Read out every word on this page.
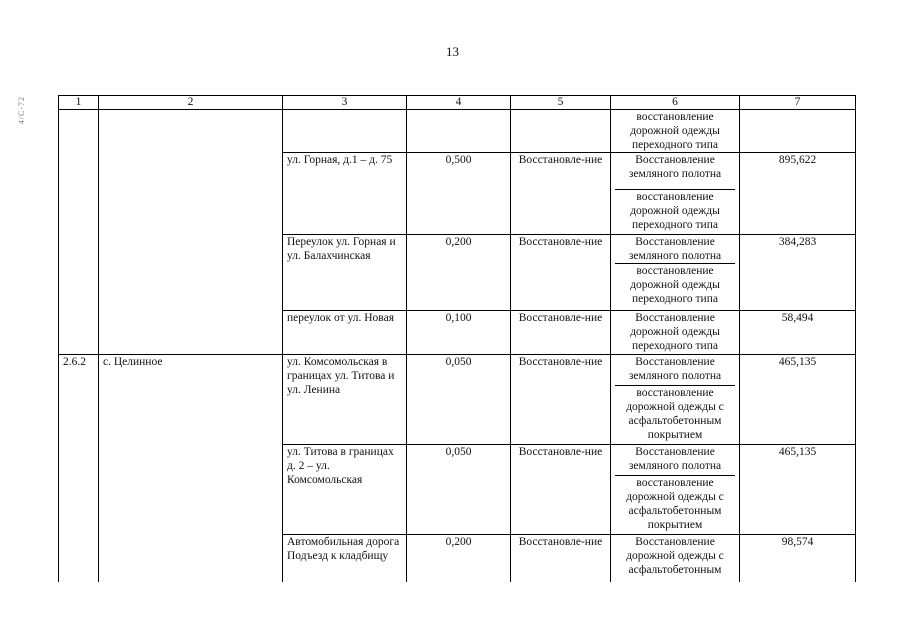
13
4/С-72	1	2	3	4	5	6	7

					восстановление дорожной одежды переходного типа	

		ул. Горная, д.1 – д. 75	0,500	Восстановле-ние	Восстановление земляного полотна
восстановление дорожной одежды переходного типа	895,622
		Переулок ул. Горная и ул. Балахчинская	0,200	Восстановле-ние	Восстановление земляного полотна
восстановление дорожной одежды переходного типа	384,283
		переулок от ул. Новая	0,100	Восстановле-ние	Восстановление дорожной одежды переходного типа	58,494
2.6.2	с. Целинное	ул. Комсомольская в границах ул. Титова и ул. Ленина	0,050	Восстановле-ние	Восстановление земляного полотна
восстановление дорожной одежды с асфальтобетонным покрытием	465,135
		ул. Титова в границах д. 2 – ул. Комсомольская	0,050	Восстановле-ние	Восстановление земляного полотна
восстановление дорожной одежды с асфальтобетонным покрытием	465,135
		Автомобильная дорога Подъезд к кладбищу	0,200	Восстановле-ние	Восстановление дорожной одежды с асфальтобетонным	98,574
